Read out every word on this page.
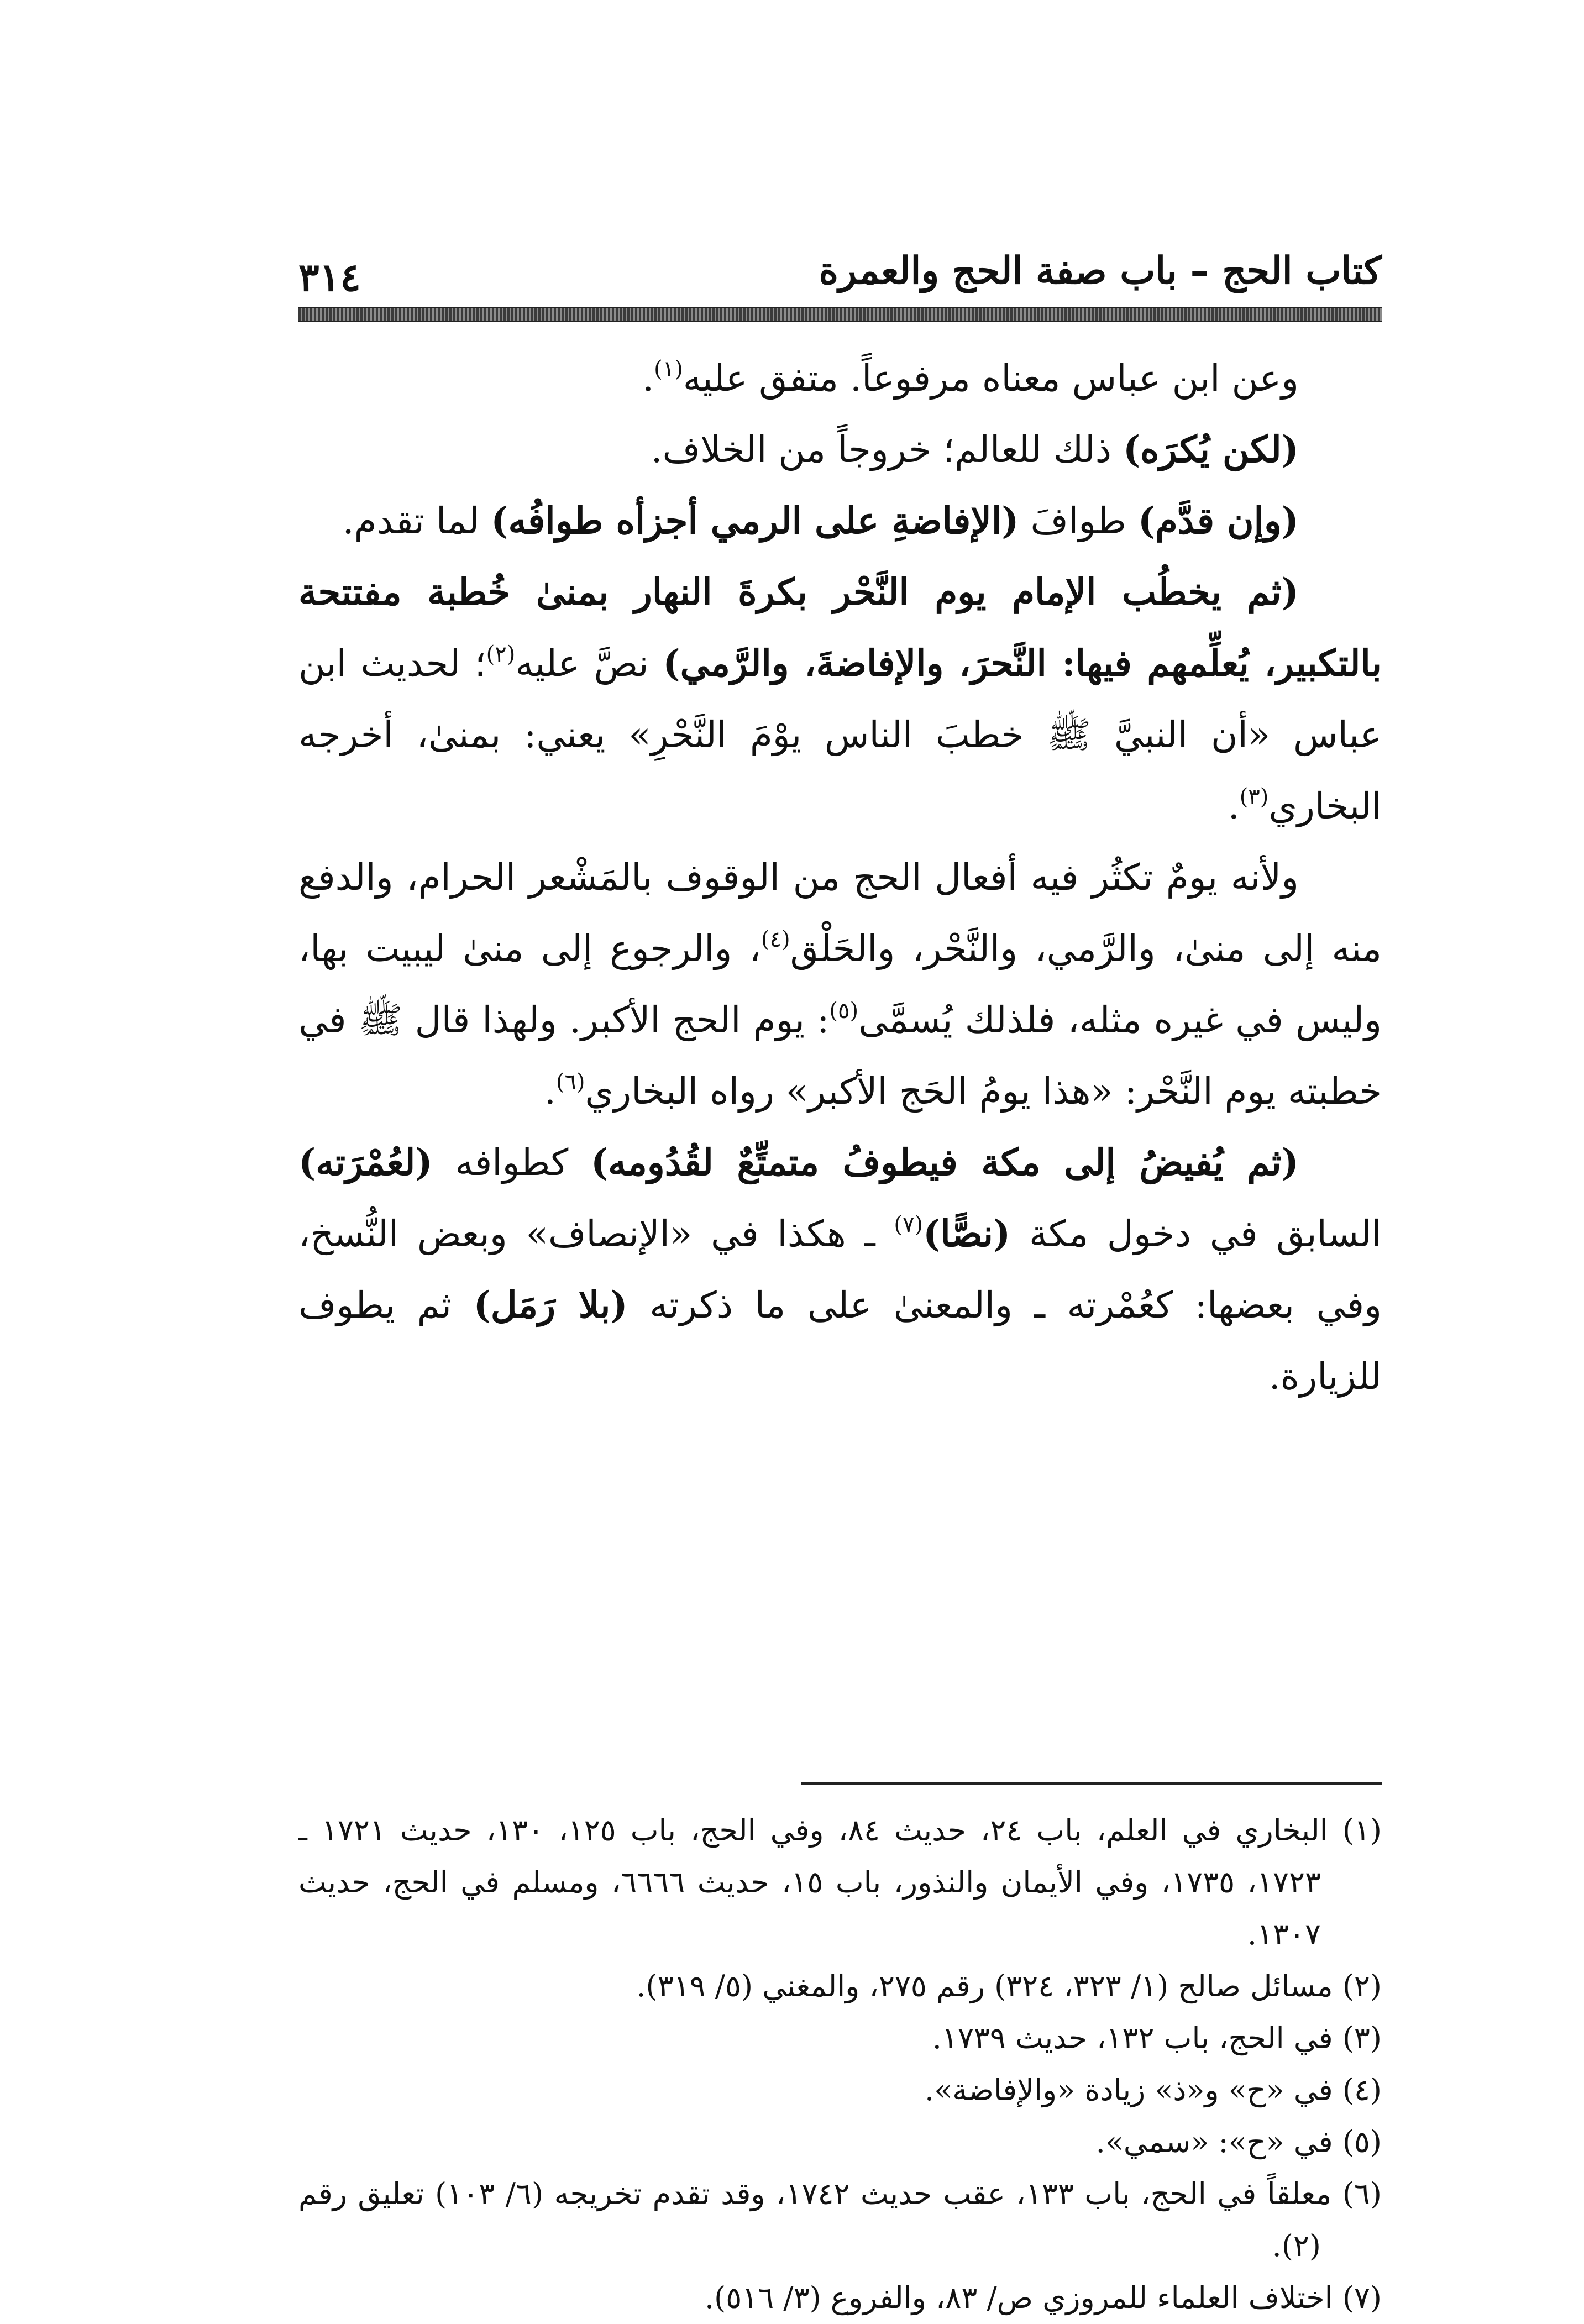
٣١٤	كتاب الحج – باب صفة الحج والعمرة

وعن ابن عباس معناه مرفوعاً. متفق عليه$^{(١)}$.

(لكن يُكرَه) ذلك للعالم؛ خروجاً من الخلاف.

(وإن قدَّم) طوافَ (الإفاضةِ على الرمي أجزأه طوافُه) لما تقدم.

(ثم يخطُب الإمام يوم النَّحْر بكرةَ النهار بمنىٰ خُطبة مفتتحة بالتكبير، يُعلِّمهم فيها: النَّحرَ، والإفاضةَ، والرَّمي) نصَّ عليه$^{(٢)}$؛ لحديث ابن عباس «أن النبيَّ ﷺ خطبَ الناس يوْمَ النَّحْرِ» يعني: بمنىٰ، أخرجه البخاري$^{(٣)}$.

ولأنه يومٌ تكثُر فيه أفعال الحج من الوقوف بالمَشْعر الحرام، والدفع منه إلى منىٰ، والرَّمي، والنَّحْر، والحَلْق$^{(٤)}$، والرجوع إلى منىٰ ليبيت بها، وليس في غيره مثله، فلذلك يُسمَّى$^{(٥)}$: يوم الحج الأكبر. ولهذا قال ﷺ في خطبته يوم النَّحْر: «هذا يومُ الحَج الأكبر» رواه البخاري$^{(٦)}$.

(ثم يُفيضُ إلى مكة فيطوفُ متمتِّعٌ لقُدُومه) كطوافه (لعُمْرَته) السابق في دخول مكة (نصًّا)$^{(٧)}$ ـ هكذا في «الإنصاف» وبعض النُّسخ، وفي بعضها: كعُمْرته ـ والمعنىٰ على ما ذكرته (بلا رَمَل) ثم يطوف للزيارة.

(١) البخاري في العلم، باب ٢٤، حديث ٨٤، وفي الحج، باب ١٢٥، ١٣٠، حديث ١٧٢١ ـ ١٧٢٣، ١٧٣٥، وفي الأيمان والنذور، باب ١٥، حديث ٦٦٦٦، ومسلم في الحج، حديث ١٣٠٧.

(٢) مسائل صالح (١/ ٣٢٣، ٣٢٤) رقم ٢٧٥، والمغني (٥/ ٣١٩).

(٣) في الحج، باب ١٣٢، حديث ١٧٣٩.

(٤) في «ح» و«ذ» زيادة «والإفاضة».

(٥) في «ح»: «سمي».

(٦) معلقاً في الحج، باب ١٣٣، عقب حديث ١٧٤٢، وقد تقدم تخريجه (٦/ ١٠٣) تعليق رقم (٢).

(٧) اختلاف العلماء للمروزي ص/ ٨٣، والفروع (٣/ ٥١٦).
